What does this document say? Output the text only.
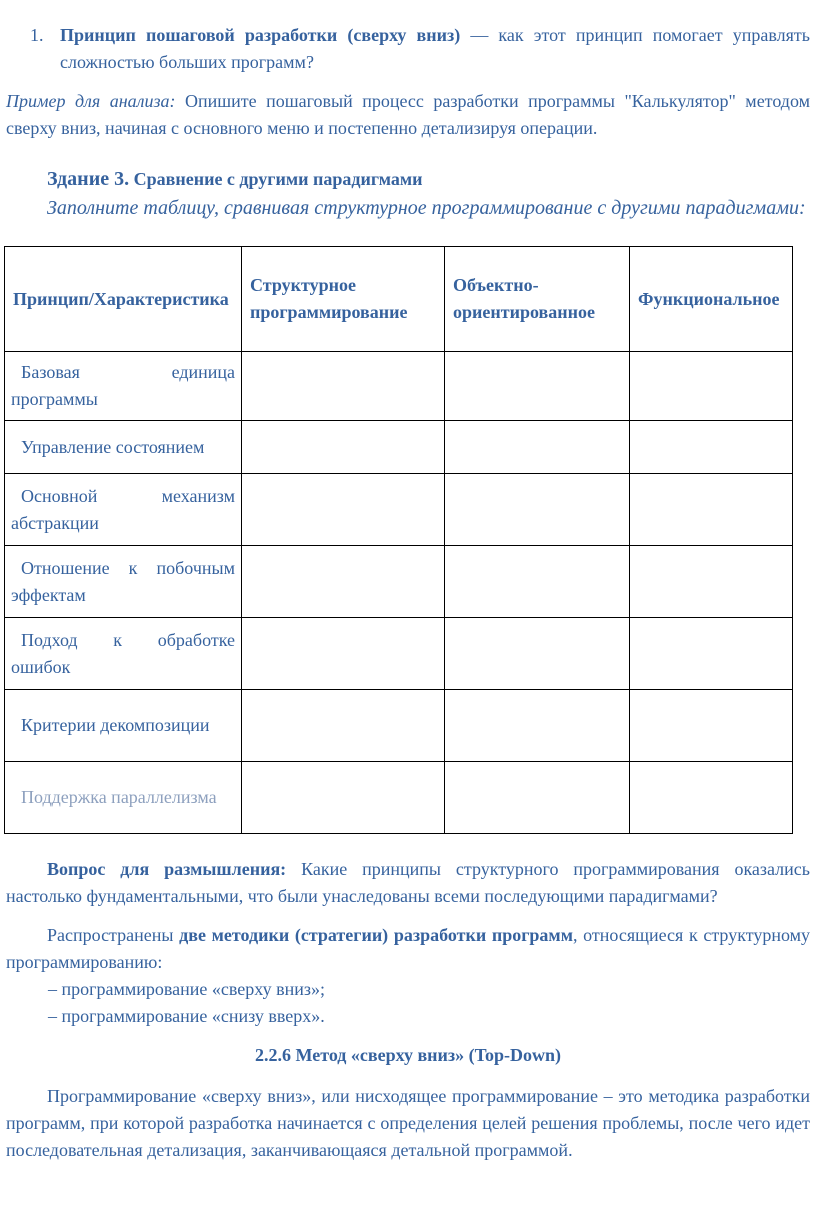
1. Принцип пошаговой разработки (сверху вниз) — как этот принцип помогает управлять сложностью больших программ?

Пример для анализа: Опишите пошаговый процесс разработки программы "Калькулятор" методом сверху вниз, начиная с основного меню и постепенно детализируя операции.

Здание 3. Сравнение с другими парадигмами

Заполните таблицу, сравнивая структурное программирование с другими парадигмами:

Принцип/Характеристика	Структурное программирование	Объектно-ориентированное	Функциональное
Базовая единица программы			
Управление состоянием			
Основной механизм абстракции			
Отношение к побочным эффектам			
Подход к обработке ошибок			
Критерии декомпозиции			
Поддержка параллелизма			

Вопрос для размышления: Какие принципы структурного программирования оказались настолько фундаментальными, что были унаследованы всеми последующими парадигмами?

Распространены две методики (стратегии) разработки программ, относящиеся к структурному программированию:

– программирование «сверху вниз»;

– программирование «снизу вверх».

2.2.6 Метод «сверху вниз» (Top-Down)

Программирование «сверху вниз», или нисходящее программирование – это методика разработки программ, при которой разработка начинается с определения целей решения проблемы, после чего идет последовательная детализация, заканчивающаяся детальной программой.
